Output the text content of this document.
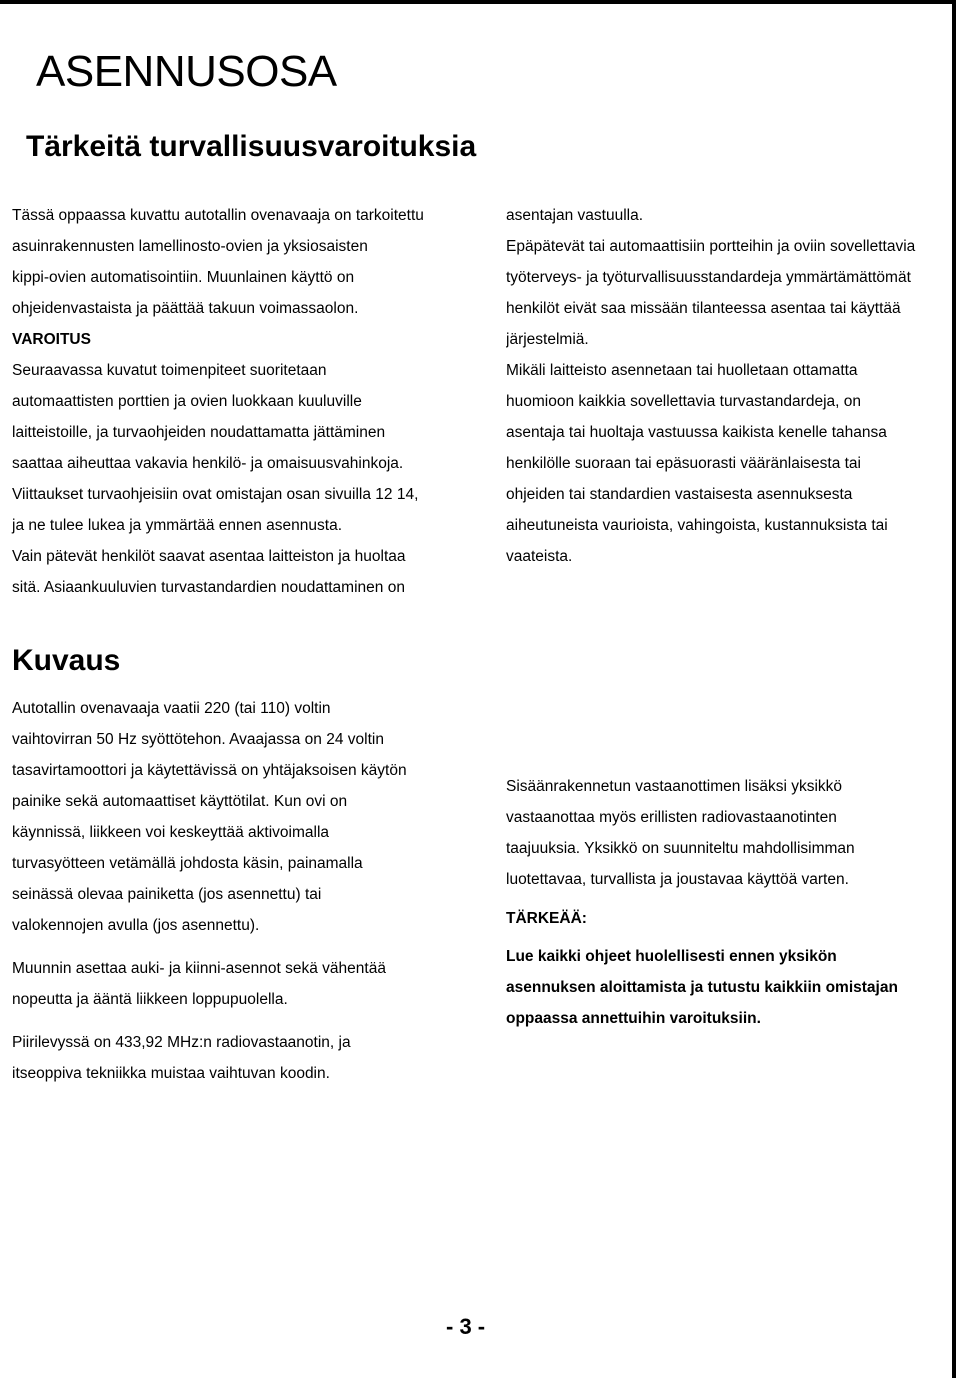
ASENNUSOSA
Tärkeitä turvallisuusvaroituksia
Tässä oppaassa kuvattu autotallin ovenavaaja on tarkoitettu
asuinrakennusten lamellinosto-ovien ja yksiosaisten
kippi-ovien automatisointiin. Muunlainen käyttö on
ohjeidenvastaista ja päättää takuun voimassaolon.
VAROITUS
Seuraavassa kuvatut toimenpiteet suoritetaan
automaattisten porttien ja ovien luokkaan kuuluville
laitteistoille, ja turvaohjeiden noudattamatta jättäminen
saattaa aiheuttaa vakavia henkilö- ja omaisuusvahinkoja.
Viittaukset turvaohjeisiin ovat omistajan osan sivuilla 12 14,
ja ne tulee lukea ja ymmärtää ennen asennusta.
Vain pätevät henkilöt saavat asentaa laitteiston ja huoltaa
sitä. Asiaankuuluvien turvastandardien noudattaminen on
asentajan vastuulla.
Epäpätevät tai automaattisiin portteihin ja oviin sovellettavia
työterveys- ja työturvallisuusstandardeja ymmärtämättömät
henkilöt eivät saa missään tilanteessa asentaa tai käyttää
järjestelmiä.
Mikäli laitteisto asennetaan tai huolletaan ottamatta
huomioon kaikkia sovellettavia turvastandardeja, on
asentaja tai huoltaja vastuussa kaikista kenelle tahansa
henkilölle suoraan tai epäsuorasti vääränlaisesta tai
ohjeiden tai standardien vastaisesta asennuksesta
aiheutuneista vaurioista, vahingoista, kustannuksista tai
vaateista.
Kuvaus
Autotallin ovenavaaja vaatii 220 (tai 110) voltin
vaihtovirran 50 Hz syöttötehon. Avaajassa on 24 voltin
tasavirtamoottori ja käytettävissä on yhtäjaksoisen käytön
painike sekä automaattiset käyttötilat. Kun ovi on
käynnissä, liikkeen voi keskeyttää aktivoimalla
turvasyötteen vetämällä johdosta käsin, painamalla
seinässä olevaa painiketta (jos asennettu) tai
valokennojen avulla (jos asennettu).
Muunnin asettaa auki- ja kiinni-asennot sekä vähentää
nopeutta ja ääntä liikkeen loppupuolella.
Piirilevyssä on 433,92 MHz:n radiovastaanotin, ja
itseoppiva tekniikka muistaa vaihtuvan koodin.
Sisäänrakennetun vastaanottimen lisäksi yksikkö
vastaanottaa myös erillisten radiovastaanotinten
taajuuksia. Yksikkö on suunniteltu mahdollisimman
luotettavaa, turvallista ja joustavaa käyttöä varten.
TÄRKEÄÄ:
Lue kaikki ohjeet huolellisesti ennen yksikön
asennuksen aloittamista ja tutustu kaikkiin omistajan
oppaassa annettuihin varoituksiin.
- 3 -
